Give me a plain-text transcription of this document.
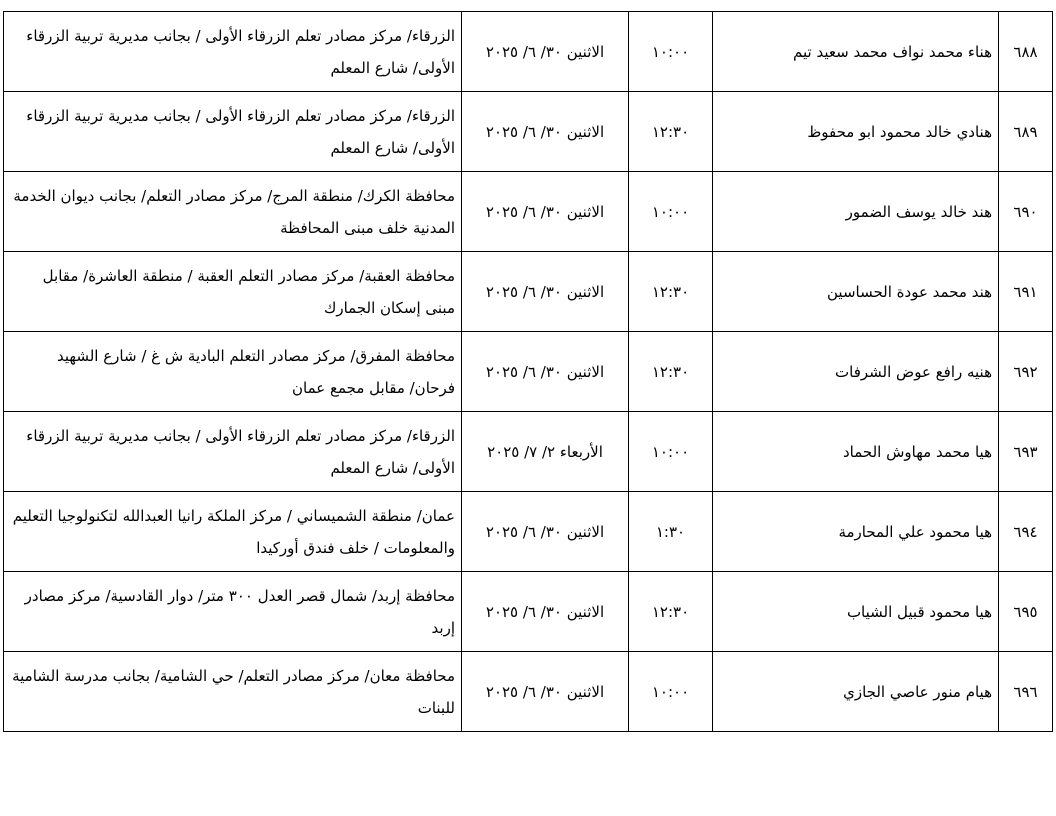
٦٨٨	هناء محمد نواف محمد سعيد تيم	١٠:٠٠	الاثنين ٣٠/ ٦/ ٢٠٢٥	الزرقاء/ مركز مصادر تعلم الزرقاء الأولى / بجانب مديرية تربية الزرقاء الأولى/ شارع المعلم
٦٨٩	هنادي خالد محمود ابو محفوظ	١٢:٣٠	الاثنين ٣٠/ ٦/ ٢٠٢٥	الزرقاء/ مركز مصادر تعلم الزرقاء الأولى / بجانب مديرية تربية الزرقاء الأولى/ شارع المعلم
٦٩٠	هند خالد يوسف الضمور	١٠:٠٠	الاثنين ٣٠/ ٦/ ٢٠٢٥	محافظة الكرك/ منطقة المرج/ مركز مصادر التعلم/ بجانب ديوان الخدمة المدنية خلف مبنى المحافظة
٦٩١	هند محمد عودة الحساسين	١٢:٣٠	الاثنين ٣٠/ ٦/ ٢٠٢٥	محافظة العقبة/ مركز مصادر التعلم العقبة / منطقة العاشرة/ مقابل مبنى إسكان الجمارك
٦٩٢	هنيه رافع عوض الشرفات	١٢:٣٠	الاثنين ٣٠/ ٦/ ٢٠٢٥	محافظة المفرق/ مركز مصادر التعلم البادية ش غ / شارع الشهيد فرحان/ مقابل مجمع عمان
٦٩٣	هيا محمد مهاوش الحماد	١٠:٠٠	الأربعاء ٢/ ٧/ ٢٠٢٥	الزرقاء/ مركز مصادر تعلم الزرقاء الأولى / بجانب مديرية تربية الزرقاء الأولى/ شارع المعلم
٦٩٤	هيا محمود علي المحارمة	١:٣٠	الاثنين ٣٠/ ٦/ ٢٠٢٥	عمان/ منطقة الشميساني / مركز الملكة رانيا العبدالله لتكنولوجيا التعليم والمعلومات / خلف فندق أوركيدا
٦٩٥	هيا محمود قبيل الشياب	١٢:٣٠	الاثنين ٣٠/ ٦/ ٢٠٢٥	محافظة إربد/ شمال قصر العدل ٣٠٠ متر/ دوار القادسية/ مركز مصادر إربد
٦٩٦	هيام منور عاصي الجازي	١٠:٠٠	الاثنين ٣٠/ ٦/ ٢٠٢٥	محافظة معان/ مركز مصادر التعلم/ حي الشامية/ بجانب مدرسة الشامية للبنات
